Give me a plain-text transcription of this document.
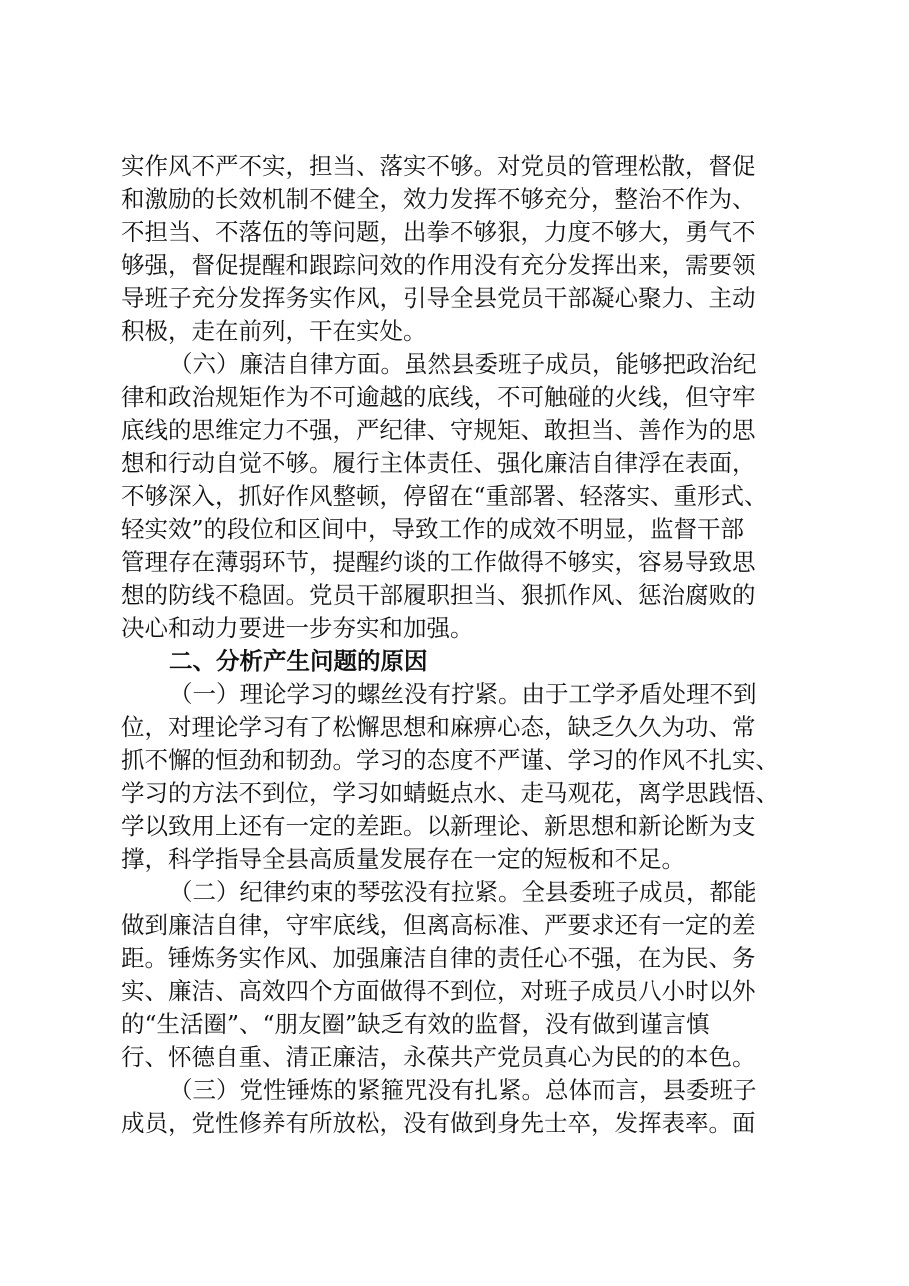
实作风不严不实，担当、落实不够。对党员的管理松散，督促

和激励的长效机制不健全，效力发挥不够充分，整治不作为、

不担当、不落伍的等问题，出拳不够狠，力度不够大，勇气不

够强，督促提醒和跟踪问效的作用没有充分发挥出来，需要领

导班子充分发挥务实作风，引导全县党员干部凝心聚力、主动

积极，走在前列，干在实处。

（六）廉洁自律方面。虽然县委班子成员，能够把政治纪

律和政治规矩作为不可逾越的底线，不可触碰的火线，但守牢

底线的思维定力不强，严纪律、守规矩、敢担当、善作为的思

想和行动自觉不够。履行主体责任、强化廉洁自律浮在表面，

不够深入，抓好作风整顿，停留在“重部署、轻落实、重形式、

轻实效”的段位和区间中，导致工作的成效不明显，监督干部

管理存在薄弱环节，提醒约谈的工作做得不够实，容易导致思

想的防线不稳固。党员干部履职担当、狠抓作风、惩治腐败的

决心和动力要进一步夯实和加强。

二、分析产生问题的原因

（一）理论学习的螺丝没有拧紧。由于工学矛盾处理不到

位，对理论学习有了松懈思想和麻痹心态，缺乏久久为功、常

抓不懈的恒劲和韧劲。学习的态度不严谨、学习的作风不扎实、

学习的方法不到位，学习如蜻蜓点水、走马观花，离学思践悟、

学以致用上还有一定的差距。以新理论、新思想和新论断为支

撑，科学指导全县高质量发展存在一定的短板和不足。

（二）纪律约束的琴弦没有拉紧。全县委班子成员，都能

做到廉洁自律，守牢底线，但离高标准、严要求还有一定的差

距。锤炼务实作风、加强廉洁自律的责任心不强，在为民、务

实、廉洁、高效四个方面做得不到位，对班子成员八小时以外

的“生活圈”、“朋友圈”缺乏有效的监督，没有做到谨言慎

行、怀德自重、清正廉洁，永葆共产党员真心为民的的本色。

（三）党性锤炼的紧箍咒没有扎紧。总体而言，县委班子

成员，党性修养有所放松，没有做到身先士卒，发挥表率。面
